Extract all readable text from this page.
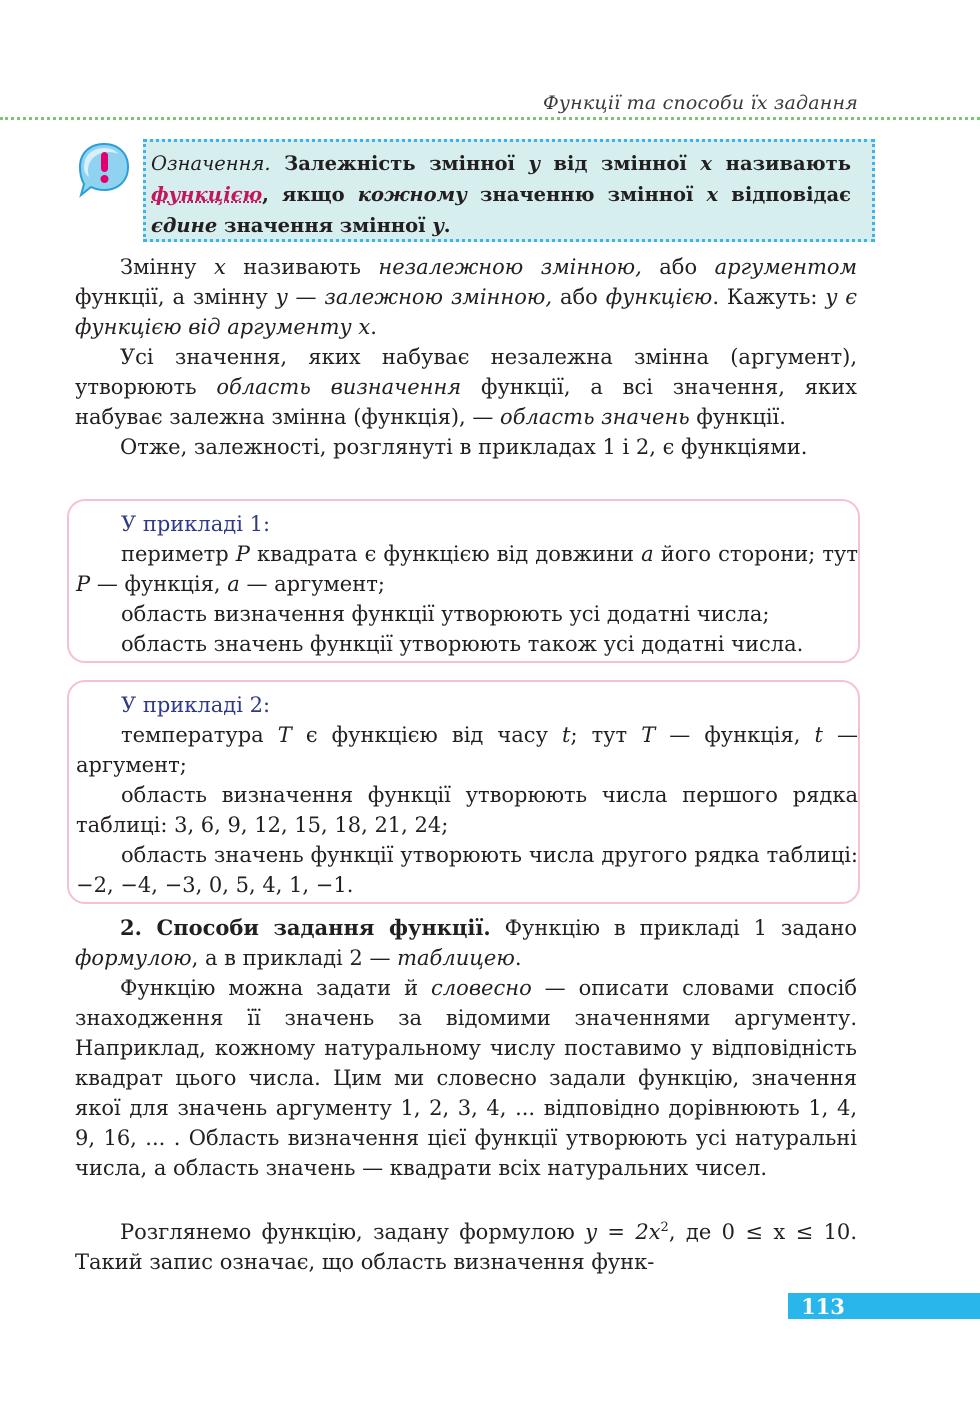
Функції та способи їх задання
Означення. Залежність змінної y від змінної x називають функцією, якщо кожному значенню змінної x відповідає єдине значення змінної y.
Змінну x називають незалежною змінною, або аргументом функції, а змінну y — залежною змінною, або функцією. Кажуть: y є функцією від аргументу x.
Усі значення, яких набуває незалежна змінна (аргумент), утворюють область визначення функції, а всі значення, яких набуває залежна змінна (функція), — область значень функції.
Отже, залежності, розглянуті в прикладах 1 і 2, є функціями.
У прикладі 1:
периметр P квадрата є функцією від довжини a його сторони; тут P — функція, a — аргумент;
область визначення функції утворюють усі додатні числа;
область значень функції утворюють також усі додатні числа.
У прикладі 2:
температура T є функцією від часу t; тут T — функція, t — аргумент;
область визначення функції утворюють числа першого рядка таблиці: 3, 6, 9, 12, 15, 18, 21, 24;
область значень функції утворюють числа другого рядка таблиці: −2, −4, −3, 0, 5, 4, 1, −1.
2. Способи задання функції. Функцію в прикладі 1 задано формулою, а в прикладі 2 — таблицею.
Функцію можна задати й словесно — описати словами спосіб знаходження її значень за відомими значеннями аргументу. Наприклад, кожному натуральному числу поставимо у відповідність квадрат цього числа. Цим ми словесно задали функцію, значення якої для значень аргументу 1, 2, 3, 4, ... відповідно дорівнюють 1, 4, 9, 16, ... . Область визначення цієї функції утворюють усі натуральні числа, а область значень — квадрати всіх натуральних чисел.
Розглянемо функцію, задану формулою $y = 2x^2$, де 0 ≤ x ≤ 10. Такий запис означає, що область визначення функ-
113
